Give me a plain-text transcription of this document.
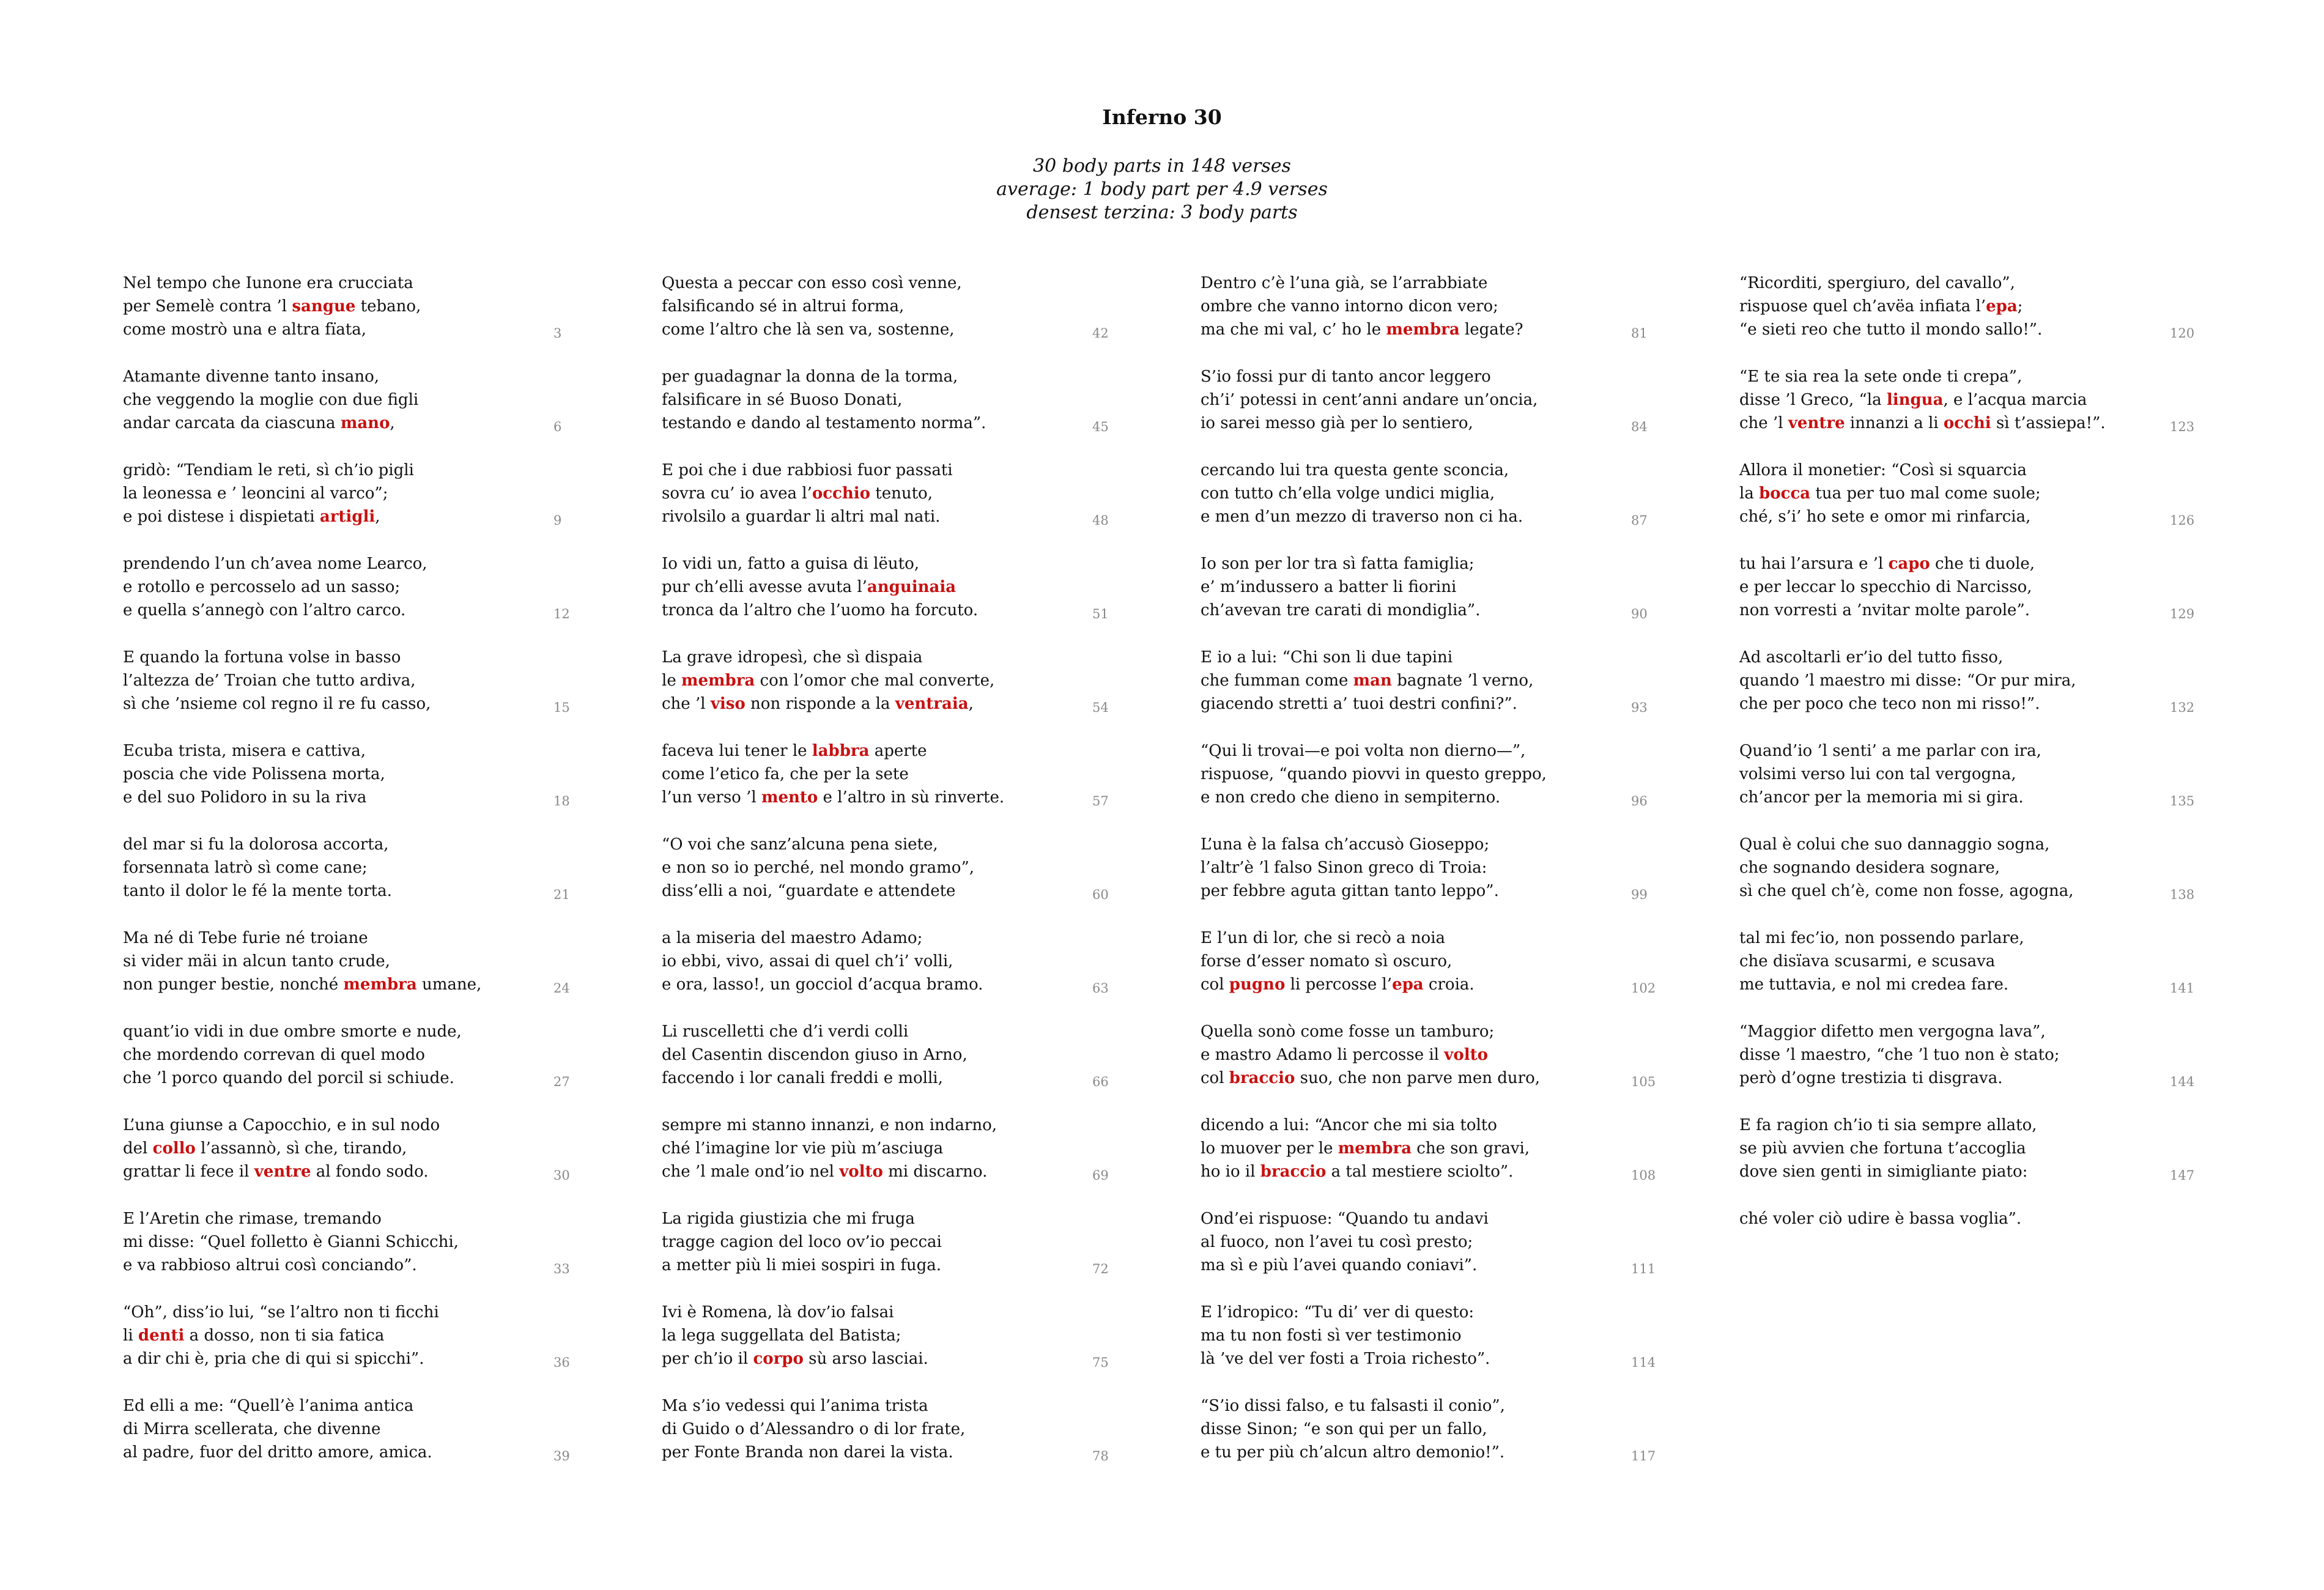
Inferno 30
30 body parts in 148 verses
average: 1 body part per 4.9 verses
densest terzina: 3 body parts
Nel tempo che Iunone era crucciata
per Semelè contra ’l sangue tebano,
come mostrò una e altra fïata,	3
Atamante divenne tanto insano,
che veggendo la moglie con due figli
andar carcata da ciascuna mano,	6
gridò: “Tendiam le reti, sì ch’io pigli
la leonessa e ’ leoncini al varco”;
e poi distese i dispietati artigli,	9
prendendo l’un ch’avea nome Learco,
e rotollo e percosselo ad un sasso;
e quella s’annegò con l’altro carco.	12
E quando la fortuna volse in basso
l’altezza de’ Troian che tutto ardiva,
sì che ’nsieme col regno il re fu casso,	15
Ecuba trista, misera e cattiva,
poscia che vide Polissena morta,
e del suo Polidoro in su la riva	18
del mar si fu la dolorosa accorta,
forsennata latrò sì come cane;
tanto il dolor le fé la mente torta.	21
Ma né di Tebe furie né troiane
si vider mäi in alcun tanto crude,
non punger bestie, nonché membra umane,	24
quant’io vidi in due ombre smorte e nude,
che mordendo correvan di quel modo
che ’l porco quando del porcil si schiude.	27
L’una giunse a Capocchio, e in sul nodo
del collo l’assannò, sì che, tirando,
grattar li fece il ventre al fondo sodo.	30
E l’Aretin che rimase, tremando
mi disse: “Quel folletto è Gianni Schicchi,
e va rabbioso altrui così conciando”.	33
“Oh”, diss’io lui, “se l’altro non ti ficchi
li denti a dosso, non ti sia fatica
a dir chi è, pria che di qui si spicchi”.	36
Ed elli a me: “Quell’è l’anima antica
di Mirra scellerata, che divenne
al padre, fuor del dritto amore, amica.	39
Questa a peccar con esso così venne,
falsificando sé in altrui forma,
come l’altro che là sen va, sostenne,	42
per guadagnar la donna de la torma,
falsificare in sé Buoso Donati,
testando e dando al testamento norma”.	45
E poi che i due rabbiosi fuor passati
sovra cu’ io avea l’occhio tenuto,
rivolsilo a guardar li altri mal nati.	48
Io vidi un, fatto a guisa di lëuto,
pur ch’elli avesse avuta l’anguinaia
tronca da l’altro che l’uomo ha forcuto.	51
La grave idropesì, che sì dispaia
le membra con l’omor che mal converte,
che ’l viso non risponde a la ventraia,	54
faceva lui tener le labbra aperte
come l’etico fa, che per la sete
l’un verso ’l mento e l’altro in sù rinverte.	57
“O voi che sanz’alcuna pena siete,
e non so io perché, nel mondo gramo”,
diss’elli a noi, “guardate e attendete	60
a la miseria del maestro Adamo;
io ebbi, vivo, assai di quel ch’i’ volli,
e ora, lasso!, un gocciol d’acqua bramo.	63
Li ruscelletti che d’i verdi colli
del Casentin discendon giuso in Arno,
faccendo i lor canali freddi e molli,	66
sempre mi stanno innanzi, e non indarno,
ché l’imagine lor vie più m’asciuga
che ’l male ond’io nel volto mi discarno.	69
La rigida giustizia che mi fruga
tragge cagion del loco ov’io peccai
a metter più li miei sospiri in fuga.	72
Ivi è Romena, là dov’io falsai
la lega suggellata del Batista;
per ch’io il corpo sù arso lasciai.	75
Ma s’io vedessi qui l’anima trista
di Guido o d’Alessandro o di lor frate,
per Fonte Branda non darei la vista.	78
Dentro c’è l’una già, se l’arrabbiate
ombre che vanno intorno dicon vero;
ma che mi val, c’ ho le membra legate?	81
S’io fossi pur di tanto ancor leggero
ch’i’ potessi in cent’anni andare un’oncia,
io sarei messo già per lo sentiero,	84
cercando lui tra questa gente sconcia,
con tutto ch’ella volge undici miglia,
e men d’un mezzo di traverso non ci ha.	87
Io son per lor tra sì fatta famiglia;
e’ m’indussero a batter li fiorini
ch’avevan tre carati di mondiglia”.	90
E io a lui: “Chi son li due tapini
che fumman come man bagnate ’l verno,
giacendo stretti a’ tuoi destri confini?”.	93
“Qui li trovai—e poi volta non dierno—”,
rispuose, “quando piovvi in questo greppo,
e non credo che dieno in sempiterno.	96
L’una è la falsa ch’accusò Gioseppo;
l’altr’è ’l falso Sinon greco di Troia:
per febbre aguta gittan tanto leppo”.	99
E l’un di lor, che si recò a noia
forse d’esser nomato sì oscuro,
col pugno li percosse l’epa croia.	102
Quella sonò come fosse un tamburo;
e mastro Adamo li percosse il volto
col braccio suo, che non parve men duro,	105
dicendo a lui: “Ancor che mi sia tolto
lo muover per le membra che son gravi,
ho io il braccio a tal mestiere sciolto”.	108
Ond’ei rispuose: “Quando tu andavi
al fuoco, non l’avei tu così presto;
ma sì e più l’avei quando coniavi”.	111
E l’idropico: “Tu di’ ver di questo:
ma tu non fosti sì ver testimonio
là ’ve del ver fosti a Troia richesto”.	114
“S’io dissi falso, e tu falsasti il conio”,
disse Sinon; “e son qui per un fallo,
e tu per più ch’alcun altro demonio!”.	117
“Ricorditi, spergiuro, del cavallo”,
rispuose quel ch’avëa infiata l’epa;
“e sieti reo che tutto il mondo sallo!”.	120
“E te sia rea la sete onde ti crepa”,
disse ’l Greco, “la lingua, e l’acqua marcia
che ’l ventre innanzi a li occhi sì t’assiepa!”.	123
Allora il monetier: “Così si squarcia
la bocca tua per tuo mal come suole;
ché, s’i’ ho sete e omor mi rinfarcia,	126
tu hai l’arsura e ’l capo che ti duole,
e per leccar lo specchio di Narcisso,
non vorresti a ’nvitar molte parole”.	129
Ad ascoltarli er’io del tutto fisso,
quando ’l maestro mi disse: “Or pur mira,
che per poco che teco non mi risso!”.	132
Quand’io ’l senti’ a me parlar con ira,
volsimi verso lui con tal vergogna,
ch’ancor per la memoria mi si gira.	135
Qual è colui che suo dannaggio sogna,
che sognando desidera sognare,
sì che quel ch’è, come non fosse, agogna,	138
tal mi fec’io, non possendo parlare,
che disïava scusarmi, e scusava
me tuttavia, e nol mi credea fare.	141
“Maggior difetto men vergogna lava”,
disse ’l maestro, “che ’l tuo non è stato;
però d’ogne trestizia ti disgrava.	144
E fa ragion ch’io ti sia sempre allato,
se più avvien che fortuna t’accoglia
dove sien genti in simigliante piato:	147
ché voler ciò udire è bassa voglia”.
